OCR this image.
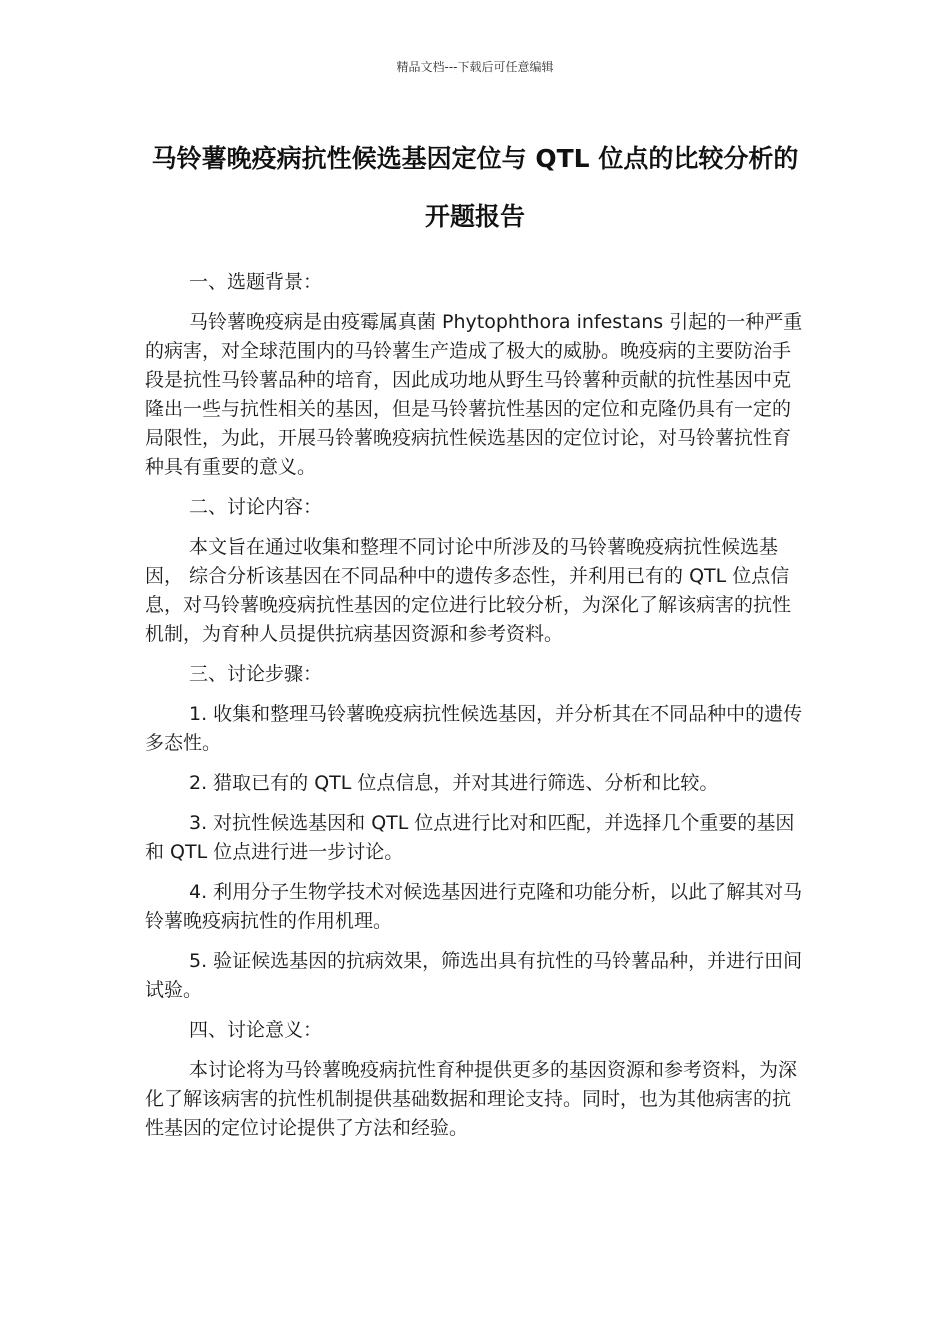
精品文档---下载后可任意编辑
马铃薯晚疫病抗性候选基因定位与 QTL 位点的比较分析的开题报告

一、选题背景：

马铃薯晚疫病是由疫霉属真菌 Phytophthora infestans 引起的一种严重的病害，对全球范围内的马铃薯生产造成了极大的威胁。晚疫病的主要防治手段是抗性马铃薯品种的培育，因此成功地从野生马铃薯种贡献的抗性基因中克隆出一些与抗性相关的基因，但是马铃薯抗性基因的定位和克隆仍具有一定的局限性，为此，开展马铃薯晚疫病抗性候选基因的定位讨论，对马铃薯抗性育种具有重要的意义。

二、讨论内容：

本文旨在通过收集和整理不同讨论中所涉及的马铃薯晚疫病抗性候选基因， 综合分析该基因在不同品种中的遗传多态性，并利用已有的 QTL 位点信息，对马铃薯晚疫病抗性基因的定位进行比较分析，为深化了解该病害的抗性机制，为育种人员提供抗病基因资源和参考资料。

三、讨论步骤：

1. 收集和整理马铃薯晚疫病抗性候选基因，并分析其在不同品种中的遗传多态性。

2. 猎取已有的 QTL 位点信息，并对其进行筛选、分析和比较。

3. 对抗性候选基因和 QTL 位点进行比对和匹配，并选择几个重要的基因和 QTL 位点进行进一步讨论。

4. 利用分子生物学技术对候选基因进行克隆和功能分析，以此了解其对马铃薯晚疫病抗性的作用机理。

5. 验证候选基因的抗病效果，筛选出具有抗性的马铃薯品种，并进行田间试验。

四、讨论意义：

本讨论将为马铃薯晚疫病抗性育种提供更多的基因资源和参考资料，为深化了解该病害的抗性机制提供基础数据和理论支持。同时，也为其他病害的抗性基因的定位讨论提供了方法和经验。
